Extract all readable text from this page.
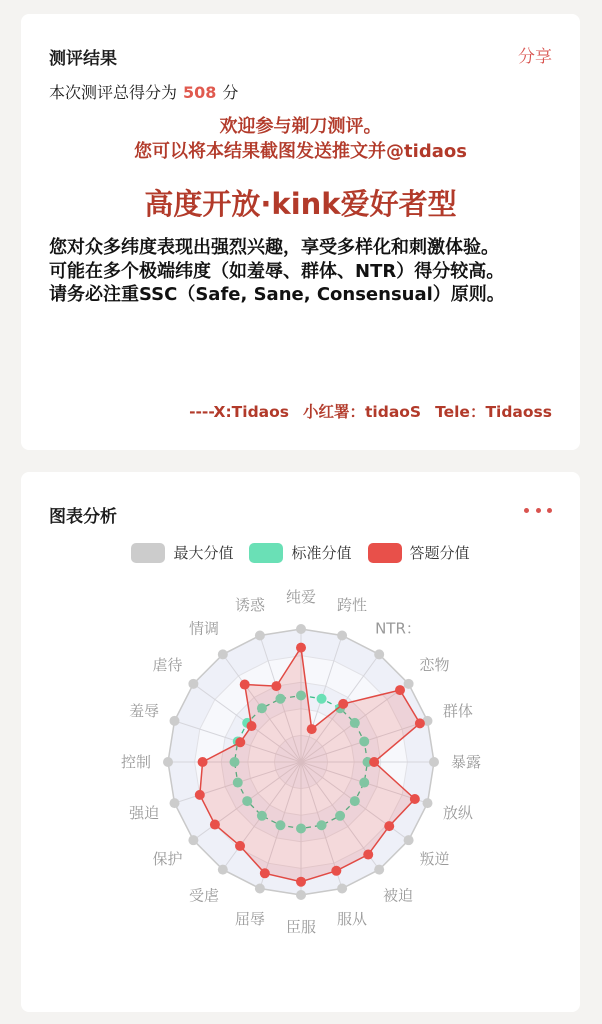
测评结果	分享
本次测评总得分为 508 分
欢迎参与剃刀测评。
您可以将本结果截图发送推文并@tidaos
高度开放·kink爱好者型

您对众多纬度表现出强烈兴趣，享受多样化和刺激体验。

可能在多个极端纬度（如羞辱、群体、NTR）得分较高。

请务必注重SSC（Safe, Sane, Consensual）原则。

----X:Tidaos 小红署：tidaoS Tele：Tidaoss
纯爱 跨性
NTR：
恋物
群体
暴露
放纵
叛逆
被迫
服从
臣服
屈辱
受虐
保护
强迫
控制
羞辱
虐待
情调
诱惑
图表分析
最大分值	标准分值	答题分值
